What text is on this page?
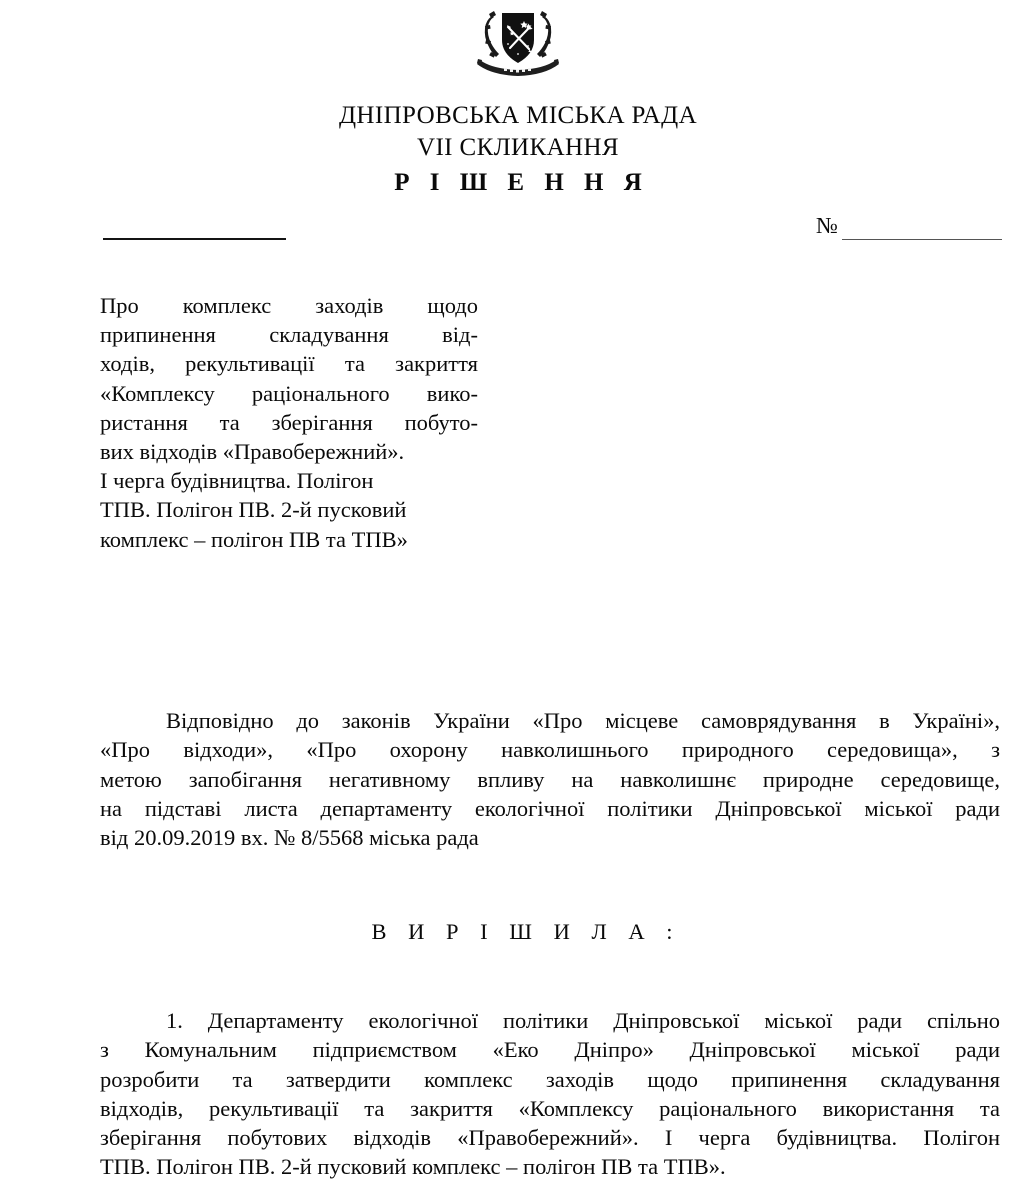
ДНІПРОВСЬКА МІСЬКА РАДА
VII СКЛИКАННЯ
Р І Ш Е Н Н Я
№

Про комплекс заходів щодо

припинення складування від-

ходів, рекультивації та закриття

«Комплексу раціонального вико-

ристання та зберігання побуто-

вих відходів «Правобережний».

І черга будівництва. Полігон

ТПВ. Полігон ПВ. 2-й пусковий

комплекс – полігон ПВ та ТПВ»

Відповідно до законів України «Про місцеве самоврядування в Україні»,

«Про відходи», «Про охорону навколишнього природного середовища», з

метою запобігання негативному впливу на навколишнє природне середовище,

на підставі листа департаменту екологічної політики Дніпровської міської ради

від 20.09.2019 вх. № 8/5568 міська рада

В И Р І Ш И Л А :

1. Департаменту екологічної політики Дніпровської міської ради спільно

з Комунальним підприємством «Еко Дніпро» Дніпровської міської ради

розробити та затвердити комплекс заходів щодо припинення складування

відходів, рекультивації та закриття «Комплексу раціонального використання та

зберігання побутових відходів «Правобережний». І черга будівництва. Полігон

ТПВ. Полігон ПВ. 2-й пусковий комплекс – полігон ПВ та ТПВ».
